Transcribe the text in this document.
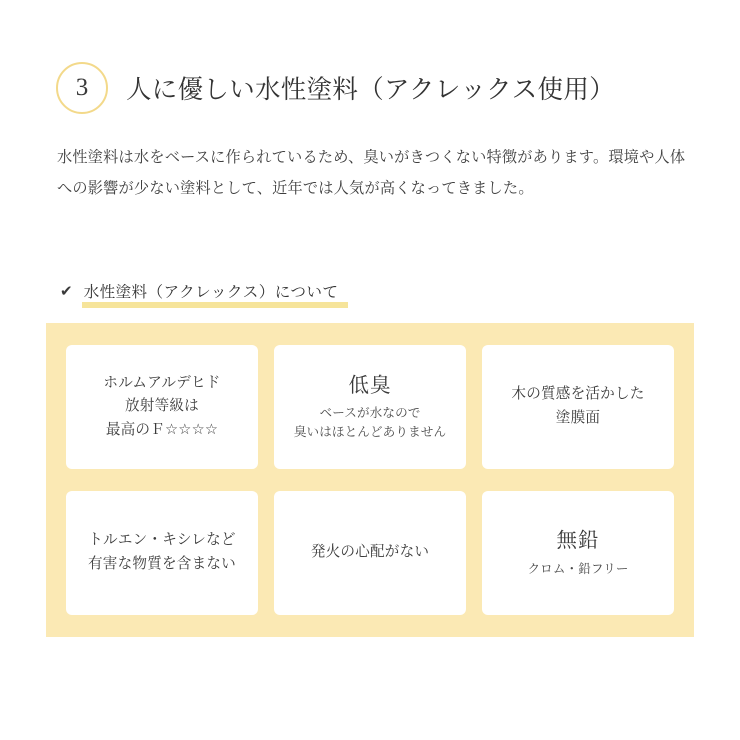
3	人に優しい水性塗料（アクレックス使用）
水性塗料は水をベースに作られているため、臭いがきつくない特徴があります。環境や人体への影響が少ない塗料として、近年では人気が高くなってきました。
✔ 水性塗料（アクレックス）について
ホルムアルデヒド
放射等級は
最高のＦ☆☆☆☆
低臭
ベースが水なので
臭いはほとんどありません
木の質感を活かした
塗膜面
トルエン・キシレなど
有害な物質を含まない
発火の心配がない
無鉛
クロム・鉛フリー
